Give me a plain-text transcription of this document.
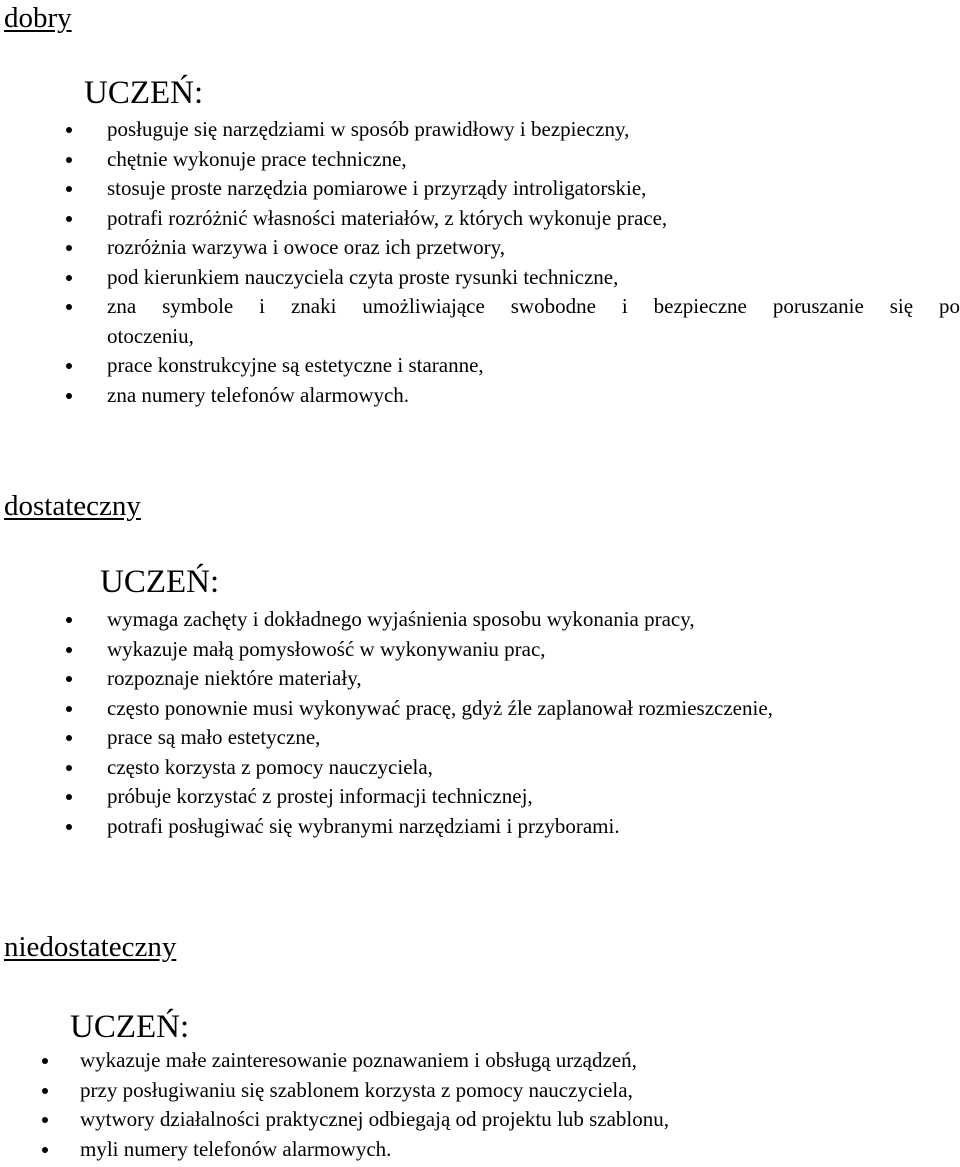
dobry
UCZEŃ:
posługuje się narzędziami w sposób prawidłowy i bezpieczny,
chętnie wykonuje prace techniczne,
stosuje proste narzędzia pomiarowe i przyrządy introligatorskie,
potrafi rozróżnić własności materiałów, z których wykonuje prace,
rozróżnia warzywa i owoce oraz ich przetwory,
pod kierunkiem nauczyciela czyta proste rysunki techniczne,
zna symbole i znaki umożliwiające swobodne i bezpieczne poruszanie się po
otoczeniu,
prace konstrukcyjne są estetyczne i staranne,
zna numery telefonów alarmowych.
dostateczny
UCZEŃ:
wymaga zachęty i dokładnego wyjaśnienia sposobu wykonania pracy,
wykazuje małą pomysłowość w wykonywaniu prac,
rozpoznaje niektóre materiały,
często ponownie musi wykonywać pracę, gdyż źle zaplanował rozmieszczenie,
prace są mało estetyczne,
często korzysta z pomocy nauczyciela,
próbuje korzystać z prostej informacji technicznej,
potrafi posługiwać się wybranymi narzędziami i przyborami.
niedostateczny
UCZEŃ:
wykazuje małe zainteresowanie poznawaniem i obsługą urządzeń,
przy posługiwaniu się szablonem korzysta z pomocy nauczyciela,
wytwory działalności praktycznej odbiegają od projektu lub szablonu,
myli numery telefonów alarmowych.
